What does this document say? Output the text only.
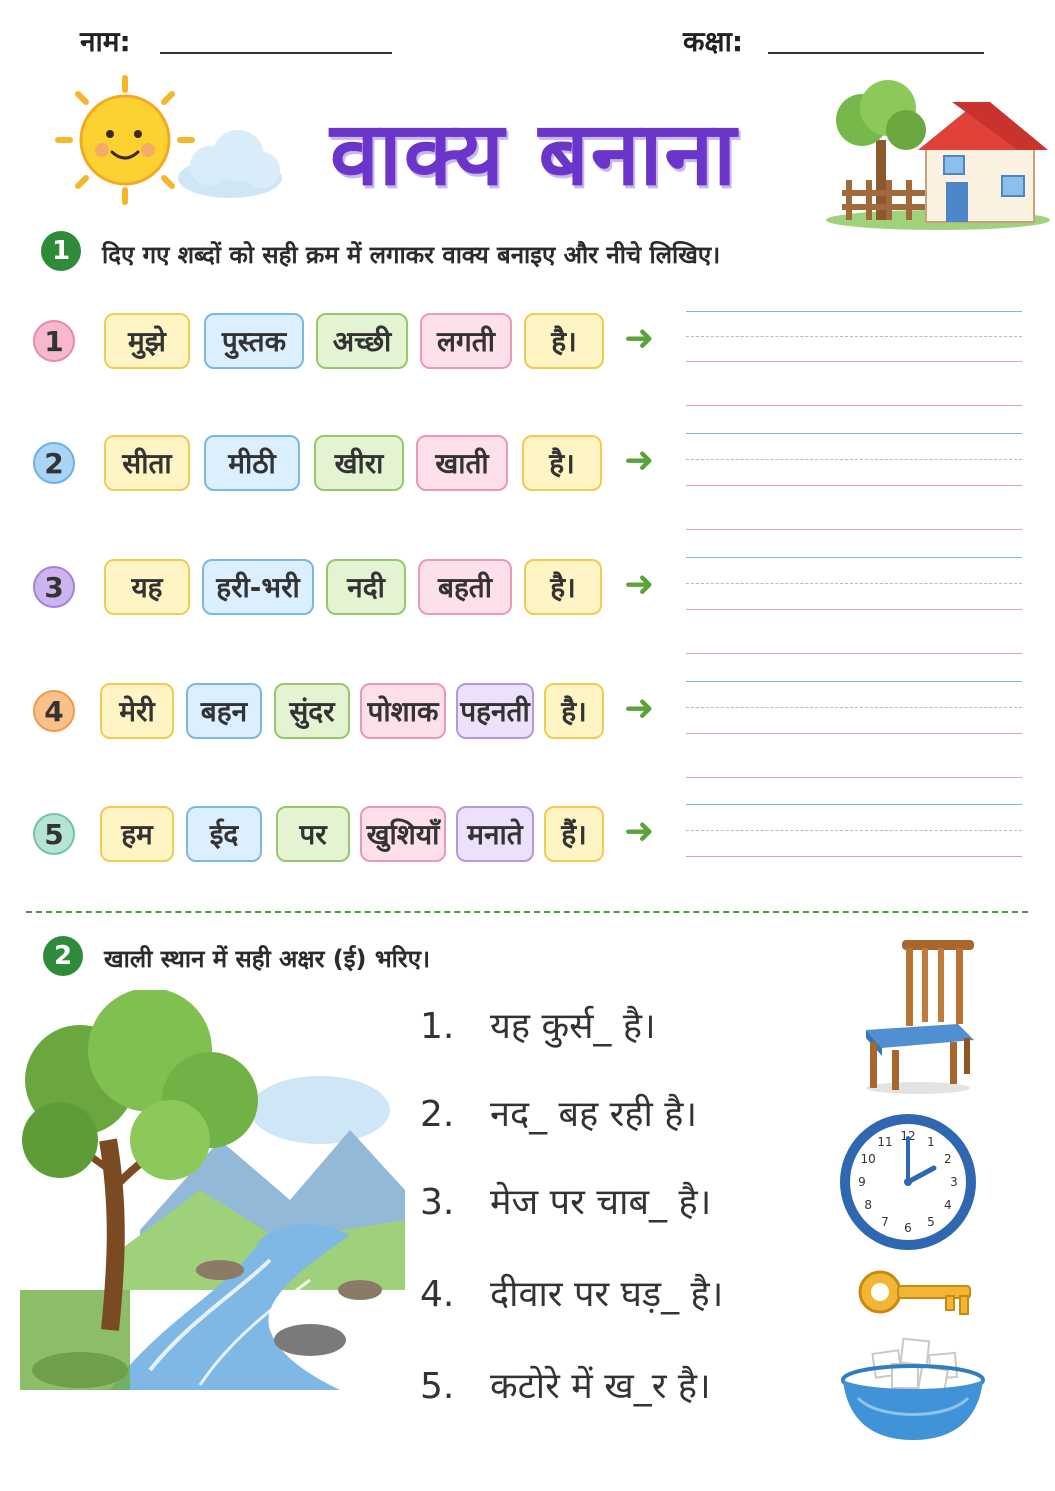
नाम:	कक्षा:
वाक्य बनाना
1	दिए गए शब्दों को सही क्रम में लगाकर वाक्य बनाइए और नीचे लिखिए।
1	मुझे	पुस्तक	अच्छी	लगती	है।	➜
2	सीता	मीठी	खीरा	खाती	है।	➜
3	यह	हरी-भरी	नदी	बहती	है।	➜
4	मेरी	बहन	सुंदर	पोशाक पहनती	है।	➜
5	हम	ईद	पर	खुशियाँ मनाते	हैं।	➜
2	खाली स्थान में सही अक्षर (ई) भरिए।
1. यह कुर्स_ है।
2. नद_ बह रही है।
3. मेज पर चाब_ है।
4. दीवार पर घड़_ है।
5. कटोरे में ख_र है।
12 1
2
3
4
5
6
7
8
9
10
11
